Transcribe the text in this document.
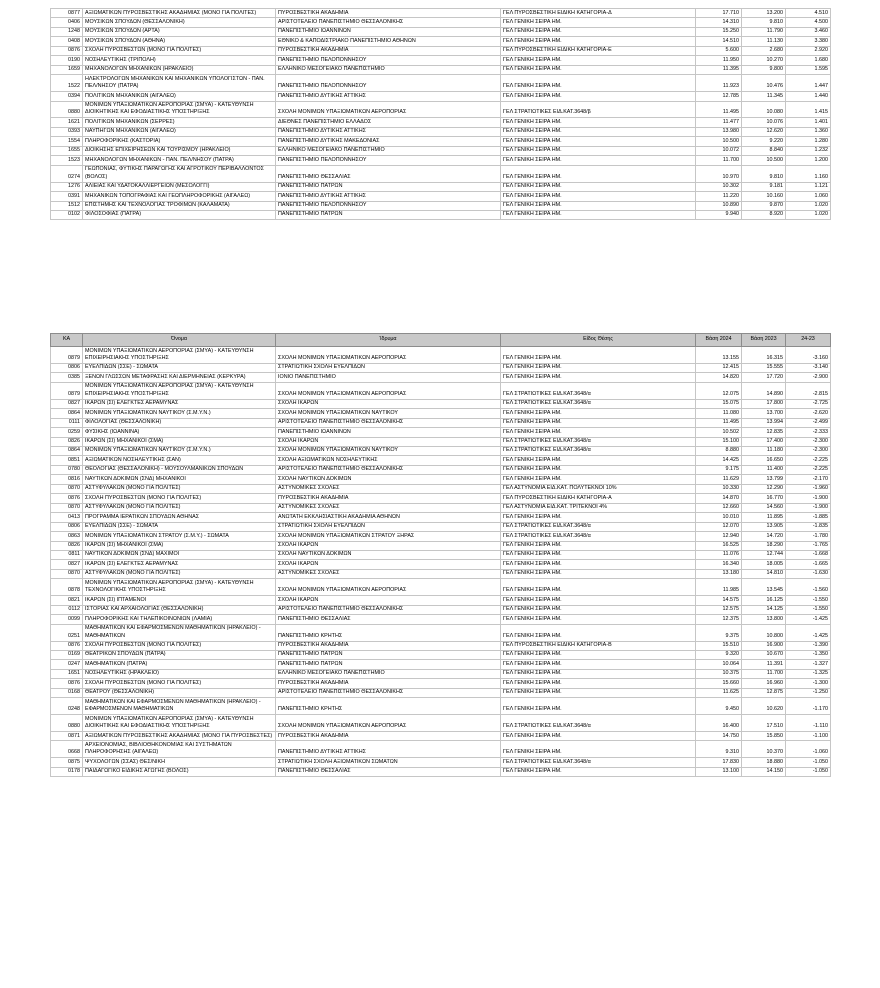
0877	ΑΞΙΩΜΑΤΙΚΩΝ ΠΥΡΟΣΒΕΣΤΙΚΗΣ ΑΚΑΔΗΜΙΑΣ (ΜΟΝΟ ΓΙΑ ΠΟΛΙΤΕΣ)	ΠΥΡΟΣΒΕΣΤΙΚΗ ΑΚΑΔΗΜΙΑ	ΓΕΛ ΠΥΡΟΣΒΕΣΤΙΚΗ ΕΙΔΙΚΗ ΚΑΤΗΓΟΡΙΑ-Δ	17.710	13.200	4.510
0406	ΜΟΥΣΙΚΩΝ ΣΠΟΥΔΩΝ (ΘΕΣΣΑΛΟΝΙΚΗ)	ΑΡΙΣΤΟΤΕΛΕΙΟ ΠΑΝΕΠΙΣΤΗΜΙΟ ΘΕΣΣΑΛΟΝΙΚΗΣ	ΓΕΛ ΓΕΝΙΚΗ ΣΕΙΡΑ ΗΜ.	14.310	9.810	4.500
1248	ΜΟΥΣΙΚΩΝ ΣΠΟΥΔΩΝ (ΑΡΤΑ)	ΠΑΝΕΠΙΣΤΗΜΙΟ ΙΩΑΝΝΙΝΩΝ	ΓΕΛ ΓΕΝΙΚΗ ΣΕΙΡΑ ΗΜ.	15.250	11.790	3.460
0408	ΜΟΥΣΙΚΩΝ ΣΠΟΥΔΩΝ (ΑΘΗΝΑ)	ΕΘΝΙΚΟ & ΚΑΠΟΔΙΣΤΡΙΑΚΟ ΠΑΝΕΠΙΣΤΗΜΙΟ ΑΘΗΝΩΝ	ΓΕΛ ΓΕΝΙΚΗ ΣΕΙΡΑ ΗΜ.	14.510	11.130	3.380
0876	ΣΧΟΛΗ ΠΥΡΟΣΒΕΣΤΩΝ (ΜΟΝΟ ΓΙΑ ΠΟΛΙΤΕΣ)	ΠΥΡΟΣΒΕΣΤΙΚΗ ΑΚΑΔΗΜΙΑ	ΓΕΛ ΠΥΡΟΣΒΕΣΤΙΚΗ ΕΙΔΙΚΗ ΚΑΤΗΓΟΡΙΑ-Ε	5.600	2.680	2.920
0190	ΝΟΣΗΛΕΥΤΙΚΗΣ (ΤΡΙΠΟΛΗ)	ΠΑΝΕΠΙΣΤΗΜΙΟ ΠΕΛΟΠΟΝΝΗΣΟΥ	ΓΕΛ ΓΕΝΙΚΗ ΣΕΙΡΑ ΗΜ.	11.950	10.270	1.680
1659	ΜΗΧΑΝΟΛΟΓΩΝ ΜΗΧΑΝΙΚΩΝ (ΗΡΑΚΛΕΙΟ)	ΕΛΛΗΝΙΚΟ ΜΕΣΟΓΕΙΑΚΟ ΠΑΝΕΠΙΣΤΗΜΙΟ	ΓΕΛ ΓΕΝΙΚΗ ΣΕΙΡΑ ΗΜ.	11.395	9.800	1.595
1522	ΗΛΕΚΤΡΟΛΟΓΩΝ ΜΗΧΑΝΙΚΩΝ ΚΑΙ ΜΗΧΑΝΙΚΩΝ ΥΠΟΛΟΓΙΣΤΩΝ - ΠΑΝ. ΠΕΛ/ΝΗΣΟΥ (ΠΑΤΡΑ)	ΠΑΝΕΠΙΣΤΗΜΙΟ ΠΕΛΟΠΟΝΝΗΣΟΥ	ΓΕΛ ΓΕΝΙΚΗ ΣΕΙΡΑ ΗΜ.	11.923	10.476	1.447
0394	ΠΟΛΙΤΙΚΩΝ ΜΗΧΑΝΙΚΩΝ (ΑΙΓΑΛΕΩ)	ΠΑΝΕΠΙΣΤΗΜΙΟ ΔΥΤΙΚΗΣ ΑΤΤΙΚΗΣ	ΓΕΛ ΓΕΝΙΚΗ ΣΕΙΡΑ ΗΜ.	12.785	11.345	1.440
0880	ΜΟΝΙΜΩΝ ΥΠΑΞΙΩΜΑΤΙΚΩΝ ΑΕΡΟΠΟΡΙΑΣ (ΣΜΥΑ) - ΚΑΤΕΥΘΥΝΣΗ ΔΙΟΙΚΗΤΙΚΗΣ ΚΑΙ ΕΦΟΔΙΑΣΤΙΚΗΣ ΥΠΟΣΤΗΡΙΞΗΣ	ΣΧΟΛΗ ΜΟΝΙΜΩΝ ΥΠΑΞΙΩΜΑΤΙΚΩΝ ΑΕΡΟΠΟΡΙΑΣ	ΓΕΛ ΣΤΡΑΤΙΩΤΙΚΕΣ ΕΙΔ.ΚΑΤ.3648/β	11.495	10.080	1.415
1621	ΠΟΛΙΤΙΚΩΝ ΜΗΧΑΝΙΚΩΝ (ΣΕΡΡΕΣ)	ΔΙΕΘΝΕΣ ΠΑΝΕΠΙΣΤΗΜΙΟ ΕΛΛΑΔΟΣ	ΓΕΛ ΓΕΝΙΚΗ ΣΕΙΡΑ ΗΜ.	11.477	10.076	1.401
0393	ΝΑΥΠΗΓΩΝ ΜΗΧΑΝΙΚΩΝ (ΑΙΓΑΛΕΩ)	ΠΑΝΕΠΙΣΤΗΜΙΟ ΔΥΤΙΚΗΣ ΑΤΤΙΚΗΣ	ΓΕΛ ΓΕΝΙΚΗ ΣΕΙΡΑ ΗΜ.	13.980	12.620	1.360
1554	ΠΛΗΡΟΦΟΡΙΚΗΣ (ΚΑΣΤΟΡΙΑ)	ΠΑΝΕΠΙΣΤΗΜΙΟ ΔΥΤΙΚΗΣ ΜΑΚΕΔΟΝΙΑΣ	ΓΕΛ ΓΕΝΙΚΗ ΣΕΙΡΑ ΗΜ.	10.500	9.220	1.280
1655	ΔΙΟΙΚΗΣΗΣ ΕΠΙΧΕΙΡΗΣΕΩΝ ΚΑΙ ΤΟΥΡΙΣΜΟΥ (ΗΡΑΚΛΕΙΟ)	ΕΛΛΗΝΙΚΟ ΜΕΣΟΓΕΙΑΚΟ ΠΑΝΕΠΙΣΤΗΜΙΟ	ΓΕΛ ΓΕΝΙΚΗ ΣΕΙΡΑ ΗΜ.	10.072	8.840	1.232
1523	ΜΗΧΑΝΟΛΟΓΩΝ ΜΗΧΑΝΙΚΩΝ - ΠΑΝ. ΠΕΛ/ΝΗΣΟΥ (ΠΑΤΡΑ)	ΠΑΝΕΠΙΣΤΗΜΙΟ ΠΕΛΟΠΟΝΝΗΣΟΥ	ΓΕΛ ΓΕΝΙΚΗ ΣΕΙΡΑ ΗΜ.	11.700	10.500	1.200
0274	ΓΕΩΠΟΝΙΑΣ, ΦΥΤΙΚΗΣ ΠΑΡΑΓΩΓΗΣ ΚΑΙ ΑΓΡΟΤΙΚΟΥ ΠΕΡΙΒΑΛΛΟΝΤΟΣ (ΒΟΛΟΣ)	ΠΑΝΕΠΙΣΤΗΜΙΟ ΘΕΣΣΑΛΙΑΣ	ΓΕΛ ΓΕΝΙΚΗ ΣΕΙΡΑ ΗΜ.	10.970	9.810	1.160
1276	ΑΛΙΕΙΑΣ ΚΑΙ ΥΔΑΤΟΚΑΛΛΙΕΡΓΕΙΩΝ (ΜΕΣΟΛΟΓΓΙ)	ΠΑΝΕΠΙΣΤΗΜΙΟ ΠΑΤΡΩΝ	ΓΕΛ ΓΕΝΙΚΗ ΣΕΙΡΑ ΗΜ.	10.302	9.181	1.121
0391	ΜΗΧΑΝΙΚΩΝ ΤΟΠΟΓΡΑΦΙΑΣ ΚΑΙ ΓΕΩΠΛΗΡΟΦΟΡΙΚΗΣ (ΑΙΓΑΛΕΩ)	ΠΑΝΕΠΙΣΤΗΜΙΟ ΔΥΤΙΚΗΣ ΑΤΤΙΚΗΣ	ΓΕΛ ΓΕΝΙΚΗ ΣΕΙΡΑ ΗΜ.	11.220	10.160	1.060
1512	ΕΠΙΣΤΗΜΗΣ ΚΑΙ ΤΕΧΝΟΛΟΓΙΑΣ ΤΡΟΦΙΜΩΝ (ΚΑΛΑΜΑΤΑ)	ΠΑΝΕΠΙΣΤΗΜΙΟ ΠΕΛΟΠΟΝΝΗΣΟΥ	ΓΕΛ ΓΕΝΙΚΗ ΣΕΙΡΑ ΗΜ.	10.890	9.870	1.020
0102	ΦΙΛΟΣΟΦΙΑΣ (ΠΑΤΡΑ)	ΠΑΝΕΠΙΣΤΗΜΙΟ ΠΑΤΡΩΝ	ΓΕΛ ΓΕΝΙΚΗ ΣΕΙΡΑ ΗΜ.	9.940	8.920	1.020
ΚΑ	Όνομα	Ίδρυμα	Είδος Θέσης	Βάση 2024	Βάση 2023	24-23
0879	ΜΟΝΙΜΩΝ ΥΠΑΞΙΩΜΑΤΙΚΩΝ ΑΕΡΟΠΟΡΙΑΣ (ΣΜΥΑ) - ΚΑΤΕΥΘΥΝΣΗ ΕΠΙΧΕΙΡΗΣΙΑΚΗΣ ΥΠΟΣΤΗΡΙΞΗΣ	ΣΧΟΛΗ ΜΟΝΙΜΩΝ ΥΠΑΞΙΩΜΑΤΙΚΩΝ ΑΕΡΟΠΟΡΙΑΣ	ΓΕΛ ΓΕΝΙΚΗ ΣΕΙΡΑ ΗΜ.	13.155	16.315	-3.160
0806	ΕΥΕΛΠΙΔΩΝ (ΣΣΕ) - ΣΩΜΑΤΑ	ΣΤΡΑΤΙΩΤΙΚΗ ΣΧΟΛΗ ΕΥΕΛΠΙΔΩΝ	ΓΕΛ ΓΕΝΙΚΗ ΣΕΙΡΑ ΗΜ.	12.415	15.555	-3.140
0385	ΞΕΝΩΝ ΓΛΩΣΣΩΝ ΜΕΤΑΦΡΑΣΗΣ ΚΑΙ ΔΙΕΡΜΗΝΕΙΑΣ (ΚΕΡΚΥΡΑ)	ΙΟΝΙΟ ΠΑΝΕΠΙΣΤΗΜΙΟ	ΓΕΛ ΓΕΝΙΚΗ ΣΕΙΡΑ ΗΜ.	14.820	17.720	-2.900
0879	ΜΟΝΙΜΩΝ ΥΠΑΞΙΩΜΑΤΙΚΩΝ ΑΕΡΟΠΟΡΙΑΣ (ΣΜΥΑ) - ΚΑΤΕΥΘΥΝΣΗ ΕΠΙΧΕΙΡΗΣΙΑΚΗΣ ΥΠΟΣΤΗΡΙΞΗΣ	ΣΧΟΛΗ ΜΟΝΙΜΩΝ ΥΠΑΞΙΩΜΑΤΙΚΩΝ ΑΕΡΟΠΟΡΙΑΣ	ΓΕΛ ΣΤΡΑΤΙΩΤΙΚΕΣ ΕΙΔ.ΚΑΤ.3648/α	12.075	14.890	-2.815
0827	ΙΚΑΡΩΝ (ΣΙ) ΕΛΕΓΚΤΕΣ ΑΕΡΑΜΥΝΑΣ	ΣΧΟΛΗ ΙΚΑΡΩΝ	ΓΕΛ ΣΤΡΑΤΙΩΤΙΚΕΣ ΕΙΔ.ΚΑΤ.3648/α	15.075	17.800	-2.725
0864	ΜΟΝΙΜΩΝ ΥΠΑΞΙΩΜΑΤΙΚΩΝ ΝΑΥΤΙΚΟΥ (Σ.Μ.Υ.Ν.)	ΣΧΟΛΗ ΜΟΝΙΜΩΝ ΥΠΑΞΙΩΜΑΤΙΚΩΝ ΝΑΥΤΙΚΟΥ	ΓΕΛ ΓΕΝΙΚΗ ΣΕΙΡΑ ΗΜ.	11.080	13.700	-2.620
0111	ΦΙΛΟΛΟΓΙΑΣ (ΘΕΣΣΑΛΟΝΙΚΗ)	ΑΡΙΣΤΟΤΕΛΕΙΟ ΠΑΝΕΠΙΣΤΗΜΙΟ ΘΕΣΣΑΛΟΝΙΚΗΣ	ΓΕΛ ΓΕΝΙΚΗ ΣΕΙΡΑ ΗΜ.	11.495	13.994	-2.499
0259	ΦΥΣΙΚΗΣ (ΙΩΑΝΝΙΝΑ)	ΠΑΝΕΠΙΣΤΗΜΙΟ ΙΩΑΝΝΙΝΩΝ	ΓΕΛ ΓΕΝΙΚΗ ΣΕΙΡΑ ΗΜ.	10.502	12.835	-2.333
0826	ΙΚΑΡΩΝ (ΣΙ) ΜΗΧΑΝΙΚΟΙ (ΣΜΑ)	ΣΧΟΛΗ ΙΚΑΡΩΝ	ΓΕΛ ΣΤΡΑΤΙΩΤΙΚΕΣ ΕΙΔ.ΚΑΤ.3648/α	15.100	17.400	-2.300
0864	ΜΟΝΙΜΩΝ ΥΠΑΞΙΩΜΑΤΙΚΩΝ ΝΑΥΤΙΚΟΥ (Σ.Μ.Υ.Ν.)	ΣΧΟΛΗ ΜΟΝΙΜΩΝ ΥΠΑΞΙΩΜΑΤΙΚΩΝ ΝΑΥΤΙΚΟΥ	ΓΕΛ ΣΤΡΑΤΙΩΤΙΚΕΣ ΕΙΔ.ΚΑΤ.3648/α	8.880	11.180	-2.300
0851	ΑΞΙΩΜΑΤΙΚΩΝ ΝΟΣΗΛΕΥΤΙΚΗΣ (ΣΑΝ)	ΣΧΟΛΗ ΑΞΙΩΜΑΤΙΚΩΝ ΝΟΣΗΛΕΥΤΙΚΗΣ	ΓΕΛ ΓΕΝΙΚΗ ΣΕΙΡΑ ΗΜ.	14.425	16.650	-2.225
0780	ΘΕΟΛΟΓΙΑΣ (ΘΕΣΣΑΛΟΝΙΚΗ) - ΜΟΥΣΟΥΛΜΑΝΙΚΩΝ ΣΠΟΥΔΩΝ	ΑΡΙΣΤΟΤΕΛΕΙΟ ΠΑΝΕΠΙΣΤΗΜΙΟ ΘΕΣΣΑΛΟΝΙΚΗΣ	ΓΕΛ ΓΕΝΙΚΗ ΣΕΙΡΑ ΗΜ.	9.175	11.400	-2.225
0816	ΝΑΥΤΙΚΩΝ ΔΟΚΙΜΩΝ (ΣΝΔ) ΜΗΧΑΝΙΚΟΙ	ΣΧΟΛΗ ΝΑΥΤΙΚΩΝ ΔΟΚΙΜΩΝ	ΓΕΛ ΓΕΝΙΚΗ ΣΕΙΡΑ ΗΜ.	11.629	13.799	-2.170
0870	ΑΣΤΥΦΥΛΑΚΩΝ (ΜΟΝΟ ΓΙΑ ΠΟΛΙΤΕΣ)	ΑΣΤΥΝΟΜΙΚΕΣ ΣΧΟΛΕΣ	ΓΕΛ ΑΣΤΥΝΟΜΙΑ ΕΙΔ.ΚΑΤ. ΠΟΛΥΤΕΚΝΟΙ 10%	10.330	12.290	-1.960
0876	ΣΧΟΛΗ ΠΥΡΟΣΒΕΣΤΩΝ (ΜΟΝΟ ΓΙΑ ΠΟΛΙΤΕΣ)	ΠΥΡΟΣΒΕΣΤΙΚΗ ΑΚΑΔΗΜΙΑ	ΓΕΛ ΠΥΡΟΣΒΕΣΤΙΚΗ ΕΙΔΙΚΗ ΚΑΤΗΓΟΡΙΑ-Α	14.870	16.770	-1.900
0870	ΑΣΤΥΦΥΛΑΚΩΝ (ΜΟΝΟ ΓΙΑ ΠΟΛΙΤΕΣ)	ΑΣΤΥΝΟΜΙΚΕΣ ΣΧΟΛΕΣ	ΓΕΛ ΑΣΤΥΝΟΜΙΑ ΕΙΔ.ΚΑΤ. ΤΡΙΤΕΚΝΟΙ 4%	12.660	14.560	-1.900
0413	ΠΡΟΓΡΑΜΜΑ ΙΕΡΑΤΙΚΩΝ ΣΠΟΥΔΩΝ ΑΘΗΝΑΣ	ΑΝΩΤΑΤΗ ΕΚΚΛΗΣΙΑΣΤΙΚΗ ΑΚΑΔΗΜΙΑ ΑΘΗΝΩΝ	ΓΕΛ ΓΕΝΙΚΗ ΣΕΙΡΑ ΗΜ.	10.010	11.895	-1.885
0806	ΕΥΕΛΠΙΔΩΝ (ΣΣΕ) - ΣΩΜΑΤΑ	ΣΤΡΑΤΙΩΤΙΚΗ ΣΧΟΛΗ ΕΥΕΛΠΙΔΩΝ	ΓΕΛ ΣΤΡΑΤΙΩΤΙΚΕΣ ΕΙΔ.ΚΑΤ.3648/α	12.070	13.905	-1.835
0863	ΜΟΝΙΜΩΝ ΥΠΑΞΙΩΜΑΤΙΚΩΝ ΣΤΡΑΤΟΥ (Σ.Μ.Υ.) - ΣΩΜΑΤΑ	ΣΧΟΛΗ ΜΟΝΙΜΩΝ ΥΠΑΞΙΩΜΑΤΙΚΩΝ ΣΤΡΑΤΟΥ ΞΗΡΑΣ	ΓΕΛ ΣΤΡΑΤΙΩΤΙΚΕΣ ΕΙΔ.ΚΑΤ.3648/α	12.940	14.720	-1.780
0826	ΙΚΑΡΩΝ (ΣΙ) ΜΗΧΑΝΙΚΟΙ (ΣΜΑ)	ΣΧΟΛΗ ΙΚΑΡΩΝ	ΓΕΛ ΓΕΝΙΚΗ ΣΕΙΡΑ ΗΜ.	16.525	18.290	-1.765
0811	ΝΑΥΤΙΚΩΝ ΔΟΚΙΜΩΝ (ΣΝΔ) ΜΑΧΙΜΟΙ	ΣΧΟΛΗ ΝΑΥΤΙΚΩΝ ΔΟΚΙΜΩΝ	ΓΕΛ ΓΕΝΙΚΗ ΣΕΙΡΑ ΗΜ.	11.076	12.744	-1.668
0827	ΙΚΑΡΩΝ (ΣΙ) ΕΛΕΓΚΤΕΣ ΑΕΡΑΜΥΝΑΣ	ΣΧΟΛΗ ΙΚΑΡΩΝ	ΓΕΛ ΓΕΝΙΚΗ ΣΕΙΡΑ ΗΜ.	16.340	18.005	-1.665
0870	ΑΣΤΥΦΥΛΑΚΩΝ (ΜΟΝΟ ΓΙΑ ΠΟΛΙΤΕΣ)	ΑΣΤΥΝΟΜΙΚΕΣ ΣΧΟΛΕΣ	ΓΕΛ ΓΕΝΙΚΗ ΣΕΙΡΑ ΗΜ.	13.180	14.810	-1.630
0878	ΜΟΝΙΜΩΝ ΥΠΑΞΙΩΜΑΤΙΚΩΝ ΑΕΡΟΠΟΡΙΑΣ (ΣΜΥΑ) - ΚΑΤΕΥΘΥΝΣΗ ΤΕΧΝΟΛΟΓΙΚΗΣ ΥΠΟΣΤΗΡΙΞΗΣ	ΣΧΟΛΗ ΜΟΝΙΜΩΝ ΥΠΑΞΙΩΜΑΤΙΚΩΝ ΑΕΡΟΠΟΡΙΑΣ	ΓΕΛ ΓΕΝΙΚΗ ΣΕΙΡΑ ΗΜ.	11.985	13.545	-1.560
0821	ΙΚΑΡΩΝ (ΣΙ) ΙΠΤΑΜΕΝΟΙ	ΣΧΟΛΗ ΙΚΑΡΩΝ	ΓΕΛ ΓΕΝΙΚΗ ΣΕΙΡΑ ΗΜ.	14.575	16.125	-1.550
0112	ΙΣΤΟΡΙΑΣ ΚΑΙ ΑΡΧΑΙΟΛΟΓΙΑΣ (ΘΕΣΣΑΛΟΝΙΚΗ)	ΑΡΙΣΤΟΤΕΛΕΙΟ ΠΑΝΕΠΙΣΤΗΜΙΟ ΘΕΣΣΑΛΟΝΙΚΗΣ	ΓΕΛ ΓΕΝΙΚΗ ΣΕΙΡΑ ΗΜ.	12.575	14.125	-1.550
0099	ΠΛΗΡΟΦΟΡΙΚΗΣ ΚΑΙ ΤΗΛΕΠΙΚΟΙΝΩΝΙΩΝ (ΛΑΜΙΑ)	ΠΑΝΕΠΙΣΤΗΜΙΟ ΘΕΣΣΑΛΙΑΣ	ΓΕΛ ΓΕΝΙΚΗ ΣΕΙΡΑ ΗΜ.	12.375	13.800	-1.425
0251	ΜΑΘΗΜΑΤΙΚΩΝ ΚΑΙ ΕΦΑΡΜΟΣΜΕΝΩΝ ΜΑΘΗΜΑΤΙΚΩΝ (ΗΡΑΚΛΕΙΟ) - ΜΑΘΗΜΑΤΙΚΩΝ	ΠΑΝΕΠΙΣΤΗΜΙΟ ΚΡΗΤΗΣ	ΓΕΛ ΓΕΝΙΚΗ ΣΕΙΡΑ ΗΜ.	9.375	10.800	-1.425
0876	ΣΧΟΛΗ ΠΥΡΟΣΒΕΣΤΩΝ (ΜΟΝΟ ΓΙΑ ΠΟΛΙΤΕΣ)	ΠΥΡΟΣΒΕΣΤΙΚΗ ΑΚΑΔΗΜΙΑ	ΓΕΛ ΠΥΡΟΣΒΕΣΤΙΚΗ ΕΙΔΙΚΗ ΚΑΤΗΓΟΡΙΑ-Β	15.510	16.900	-1.390
0169	ΘΕΑΤΡΙΚΩΝ ΣΠΟΥΔΩΝ (ΠΑΤΡΑ)	ΠΑΝΕΠΙΣΤΗΜΙΟ ΠΑΤΡΩΝ	ΓΕΛ ΓΕΝΙΚΗ ΣΕΙΡΑ ΗΜ.	9.320	10.670	-1.350
0247	ΜΑΘΗΜΑΤΙΚΩΝ (ΠΑΤΡΑ)	ΠΑΝΕΠΙΣΤΗΜΙΟ ΠΑΤΡΩΝ	ΓΕΛ ΓΕΝΙΚΗ ΣΕΙΡΑ ΗΜ.	10.064	11.391	-1.327
1651	ΝΟΣΗΛΕΥΤΙΚΗΣ (ΗΡΑΚΛΕΙΟ)	ΕΛΛΗΝΙΚΟ ΜΕΣΟΓΕΙΑΚΟ ΠΑΝΕΠΙΣΤΗΜΙΟ	ΓΕΛ ΓΕΝΙΚΗ ΣΕΙΡΑ ΗΜ.	10.375	11.700	-1.325
0876	ΣΧΟΛΗ ΠΥΡΟΣΒΕΣΤΩΝ (ΜΟΝΟ ΓΙΑ ΠΟΛΙΤΕΣ)	ΠΥΡΟΣΒΕΣΤΙΚΗ ΑΚΑΔΗΜΙΑ	ΓΕΛ ΓΕΝΙΚΗ ΣΕΙΡΑ ΗΜ.	15.660	16.960	-1.300
0168	ΘΕΑΤΡΟΥ (ΘΕΣΣΑΛΟΝΙΚΗ)	ΑΡΙΣΤΟΤΕΛΕΙΟ ΠΑΝΕΠΙΣΤΗΜΙΟ ΘΕΣΣΑΛΟΝΙΚΗΣ	ΓΕΛ ΓΕΝΙΚΗ ΣΕΙΡΑ ΗΜ.	11.625	12.875	-1.250
0248	ΜΑΘΗΜΑΤΙΚΩΝ ΚΑΙ ΕΦΑΡΜΟΣΜΕΝΩΝ ΜΑΘΗΜΑΤΙΚΩΝ (ΗΡΑΚΛΕΙΟ) - ΕΦΑΡΜΟΣΜΕΝΩΝ ΜΑΘΗΜΑΤΙΚΩΝ	ΠΑΝΕΠΙΣΤΗΜΙΟ ΚΡΗΤΗΣ	ΓΕΛ ΓΕΝΙΚΗ ΣΕΙΡΑ ΗΜ.	9.450	10.620	-1.170
0880	ΜΟΝΙΜΩΝ ΥΠΑΞΙΩΜΑΤΙΚΩΝ ΑΕΡΟΠΟΡΙΑΣ (ΣΜΥΑ) - ΚΑΤΕΥΘΥΝΣΗ ΔΙΟΙΚΗΤΙΚΗΣ ΚΑΙ ΕΦΟΔΙΑΣΤΙΚΗΣ ΥΠΟΣΤΗΡΙΞΗΣ	ΣΧΟΛΗ ΜΟΝΙΜΩΝ ΥΠΑΞΙΩΜΑΤΙΚΩΝ ΑΕΡΟΠΟΡΙΑΣ	ΓΕΛ ΣΤΡΑΤΙΩΤΙΚΕΣ ΕΙΔ.ΚΑΤ.3648/α	16.400	17.510	-1.110
0871	ΑΞΙΩΜΑΤΙΚΩΝ ΠΥΡΟΣΒΕΣΤΙΚΗΣ ΑΚΑΔΗΜΙΑΣ (ΜΟΝΟ ΓΙΑ ΠΥΡΟΣΒΕΣΤΕΣ)	ΠΥΡΟΣΒΕΣΤΙΚΗ ΑΚΑΔΗΜΙΑ	ΓΕΛ ΓΕΝΙΚΗ ΣΕΙΡΑ ΗΜ.	14.750	15.850	-1.100
0668	ΑΡΧΕΙΟΝΟΜΙΑΣ, ΒΙΒΛΙΟΘΗΚΟΝΟΜΙΑΣ ΚΑΙ ΣΥΣΤΗΜΑΤΩΝ ΠΛΗΡΟΦΟΡΗΣΗΣ (ΑΙΓΑΛΕΩ)	ΠΑΝΕΠΙΣΤΗΜΙΟ ΔΥΤΙΚΗΣ ΑΤΤΙΚΗΣ	ΓΕΛ ΓΕΝΙΚΗ ΣΕΙΡΑ ΗΜ.	9.310	10.370	-1.060
0875	ΨΥΧΟΛΟΓΩΝ (ΣΣΑΣ) ΘΕΣ/ΝΙΚΗ	ΣΤΡΑΤΙΩΤΙΚΗ ΣΧΟΛΗ ΑΞΙΩΜΑΤΙΚΩΝ ΣΩΜΑΤΩΝ	ΓΕΛ ΣΤΡΑΤΙΩΤΙΚΕΣ ΕΙΔ.ΚΑΤ.3648/α	17.830	18.880	-1.050
0178	ΠΑΙΔΑΓΩΓΙΚΟ ΕΙΔΙΚΗΣ ΑΓΩΓΗΣ (ΒΟΛΟΣ)	ΠΑΝΕΠΙΣΤΗΜΙΟ ΘΕΣΣΑΛΙΑΣ	ΓΕΛ ΓΕΝΙΚΗ ΣΕΙΡΑ ΗΜ.	13.100	14.150	-1.050
